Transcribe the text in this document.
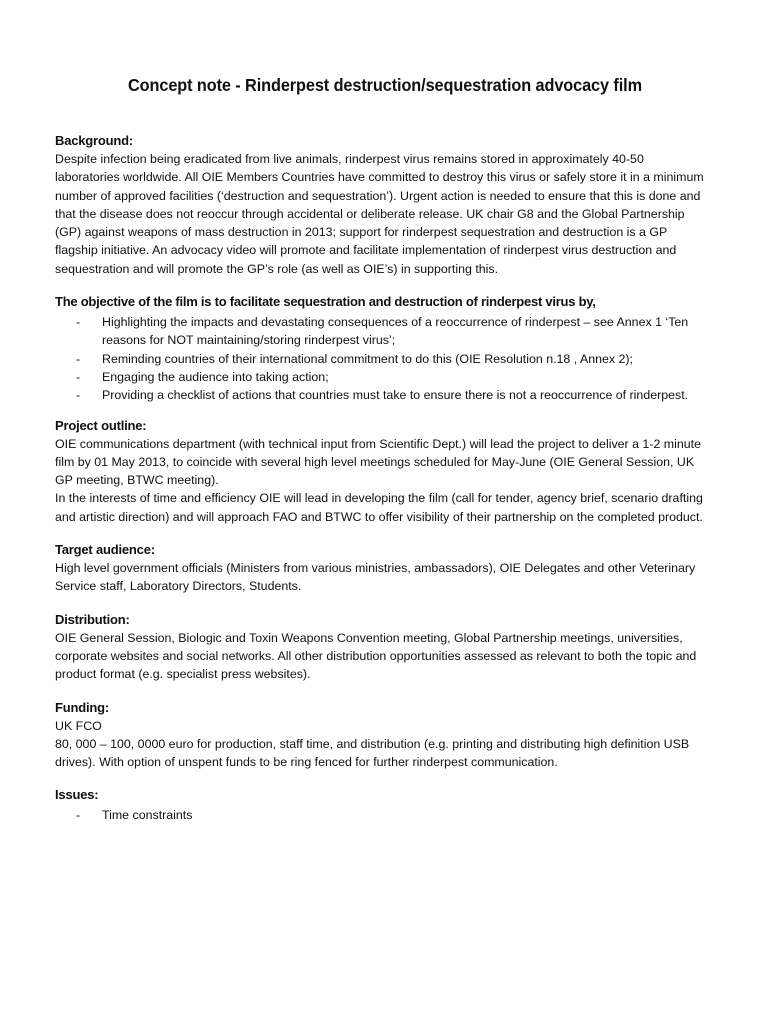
Concept note - Rinderpest destruction/sequestration advocacy film

Background:

Despite infection being eradicated from live animals, rinderpest virus remains stored in approximately 40-50 laboratories worldwide. All OIE Members Countries have committed to destroy this virus or safely store it in a minimum number of approved facilities (‘destruction and sequestration’). Urgent action is needed to ensure that this is done and that the disease does not reoccur through accidental or deliberate release. UK chair G8 and the Global Partnership (GP) against weapons of mass destruction in 2013; support for rinderpest sequestration and destruction is a GP flagship initiative. An advocacy video will promote and facilitate implementation of rinderpest virus destruction and sequestration and will promote the GP’s role (as well as OIE’s) in supporting this.

The objective of the film is to facilitate sequestration and destruction of rinderpest virus by,

- Highlighting the impacts and devastating consequences of a reoccurrence of rinderpest – see Annex 1 ‘Ten reasons for NOT maintaining/storing rinderpest virus’;
- Reminding countries of their international commitment to do this (OIE Resolution n.18 , Annex 2);
- Engaging the audience into taking action;
- Providing a checklist of actions that countries must take to ensure there is not a reoccurrence of rinderpest.

Project outline:

OIE communications department (with technical input from Scientific Dept.) will lead the project to deliver a 1-2 minute film by 01 May 2013, to coincide with several high level meetings scheduled for May-June (OIE General Session, UK GP meeting, BTWC meeting).

In the interests of time and efficiency OIE will lead in developing the film (call for tender, agency brief, scenario drafting and artistic direction) and will approach FAO and BTWC to offer visibility of their partnership on the completed product.

Target audience:

High level government officials (Ministers from various ministries, ambassadors), OIE Delegates and other Veterinary Service staff, Laboratory Directors, Students.

Distribution:

OIE General Session, Biologic and Toxin Weapons Convention meeting, Global Partnership meetings, universities, corporate websites and social networks. All other distribution opportunities assessed as relevant to both the topic and product format (e.g. specialist press websites).

Funding:

UK FCO

80, 000 – 100, 0000 euro for production, staff time, and distribution (e.g. printing and distributing high definition USB drives). With option of unspent funds to be ring fenced for further rinderpest communication.

Issues:

- Time constraints
